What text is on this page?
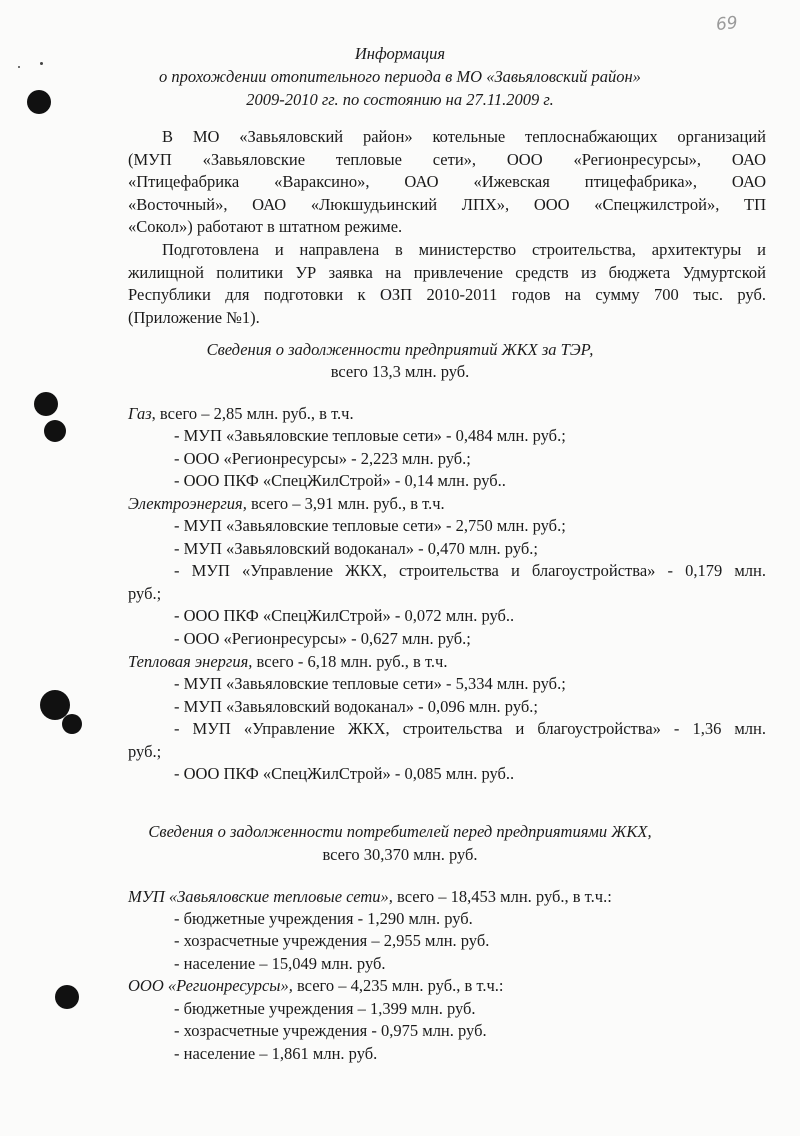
69
Информация
о прохождении отопительного периода в МО «Завьяловский район»
2009-2010 гг. по состоянию на 27.11.2009 г.
В МО «Завьяловский район» котельные теплоснабжающих организаций
(МУП «Завьяловские тепловые сети», ООО «Регионресурсы», ОАО
«Птицефабрика «Вараксино», ОАО «Ижевская птицефабрика», ОАО
«Восточный», ОАО «Люкшудьинский ЛПХ», ООО «Спецжилстрой», ТП
«Сокол») работают в штатном режиме.
Подготовлена и направлена в министерство строительства, архитектуры и
жилищной политики УР заявка на привлечение средств из бюджета Удмуртской
Республики для подготовки к ОЗП 2010-2011 годов на сумму 700 тыс. руб.
(Приложение №1).
Сведения о задолженности предприятий ЖКХ за ТЭР,
всего 13,3 млн. руб.
Газ, всего – 2,85 млн. руб., в т.ч.
- МУП «Завьяловские тепловые сети» - 0,484 млн. руб.;
- ООО «Регионресурсы» - 2,223 млн. руб.;
- ООО ПКФ «СпецЖилСтрой» - 0,14 млн. руб..
Электроэнергия, всего – 3,91 млн. руб., в т.ч.
- МУП «Завьяловские тепловые сети» - 2,750 млн. руб.;
- МУП «Завьяловский водоканал» - 0,470 млн. руб.;
- МУП «Управление ЖКХ, строительства и благоустройства» - 0,179 млн.
руб.;
- ООО ПКФ «СпецЖилСтрой» - 0,072 млн. руб..
- ООО «Регионресурсы» - 0,627 млн. руб.;
Тепловая энергия, всего - 6,18 млн. руб., в т.ч.
- МУП «Завьяловские тепловые сети» - 5,334 млн. руб.;
- МУП «Завьяловский водоканал» - 0,096 млн. руб.;
- МУП «Управление ЖКХ, строительства и благоустройства» - 1,36 млн.
руб.;
- ООО ПКФ «СпецЖилСтрой» - 0,085 млн. руб..
Сведения о задолженности потребителей перед предприятиями ЖКХ,
всего 30,370 млн. руб.
МУП «Завьяловские тепловые сети», всего – 18,453 млн. руб., в т.ч.:
- бюджетные учреждения - 1,290 млн. руб.
- хозрасчетные учреждения – 2,955 млн. руб.
- население – 15,049 млн. руб.
ООО «Регионресурсы», всего – 4,235 млн. руб., в т.ч.:
- бюджетные учреждения – 1,399 млн. руб.
- хозрасчетные учреждения - 0,975 млн. руб.
- население – 1,861 млн. руб.
